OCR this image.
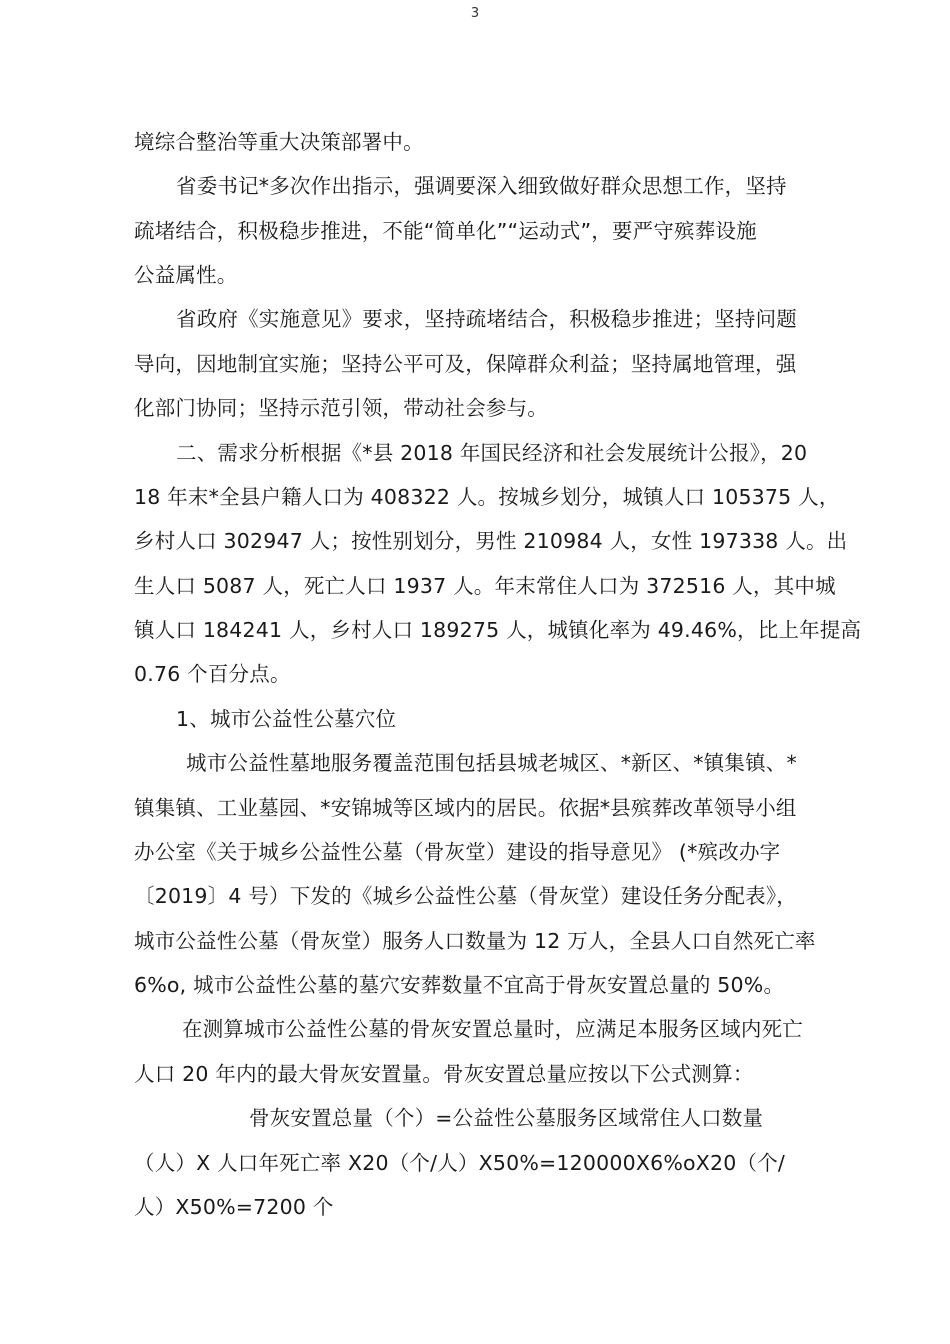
3
境综合整治等重大决策部署中。
省委书记*多次作出指示，强调要深入细致做好群众思想工作，坚持
疏堵结合，积极稳步推进，不能“简单化”“运动式”，要严守殡葬设施
公益属性。
省政府《实施意见》要求，坚持疏堵结合，积极稳步推进；坚持问题
导向，因地制宜实施；坚持公平可及，保障群众利益；坚持属地管理，强
化部门协同；坚持示范引领，带动社会参与。
二、需求分析根据《*县 2018 年国民经济和社会发展统计公报》，20
18 年末*全县户籍人口为 408322 人。按城乡划分，城镇人口 105375 人，
乡村人口 302947 人；按性别划分，男性 210984 人，女性 197338 人。出
生人口 5087 人，死亡人口 1937 人。年末常住人口为 372516 人，其中城
镇人口 184241 人，乡村人口 189275 人，城镇化率为 49.46%，比上年提高
0.76 个百分点。
1、城市公益性公墓穴位
城市公益性墓地服务覆盖范围包括县城老城区、*新区、*镇集镇、*
镇集镇、工业墓园、*安锦城等区域内的居民。依据*县殡葬改革领导小组
办公室《关于城乡公益性公墓（骨灰堂）建设的指导意见》 (*殡改办字
〔2019〕4 号）下发的《城乡公益性公墓（骨灰堂）建设任务分配表》，
城市公益性公墓（骨灰堂）服务人口数量为 12 万人，全县人口自然死亡率
6%o, 城市公益性公墓的墓穴安葬数量不宜高于骨灰安置总量的 50%。
在测算城市公益性公墓的骨灰安置总量时，应满足本服务区域内死亡
人口 20 年内的最大骨灰安置量。骨灰安置总量应按以下公式测算：
骨灰安置总量（个）=公益性公墓服务区域常住人口数量
（人）X 人口年死亡率 X20（个/人）X50%=120000X6%oX20（个/
人）X50%=7200 个
